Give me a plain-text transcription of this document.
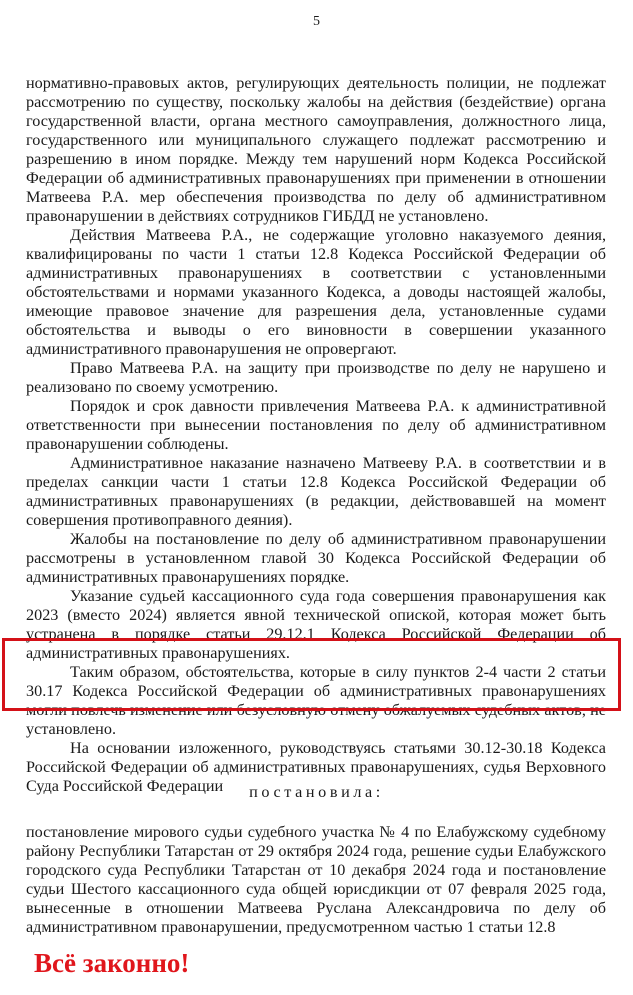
5

нормативно-правовых актов, регулирующих деятельность полиции, не подлежат рассмотрению по существу, поскольку жалобы на действия (бездействие) органа государственной власти, органа местного самоуправления, должностного лица, государственного или муниципального служащего подлежат рассмотрению и разрешению в ином порядке. Между тем нарушений норм Кодекса Российской Федерации об административных правонарушениях при применении в отношении Матвеева Р.А. мер обеспечения производства по делу об административном правонарушении в действиях сотрудников ГИБДД не установлено.

Действия Матвеева Р.А., не содержащие уголовно наказуемого деяния, квалифицированы по части 1 статьи 12.8 Кодекса Российской Федерации об административных правонарушениях в соответствии с установленными обстоятельствами и нормами указанного Кодекса, а доводы настоящей жалобы, имеющие правовое значение для разрешения дела, установленные судами обстоятельства и выводы о его виновности в совершении указанного административного правонарушения не опровергают.

Право Матвеева Р.А. на защиту при производстве по делу не нарушено и реализовано по своему усмотрению.

Порядок и срок давности привлечения Матвеева Р.А. к административной ответственности при вынесении постановления по делу об административном правонарушении соблюдены.

Административное наказание назначено Матвееву Р.А. в соответствии и в пределах санкции части 1 статьи 12.8 Кодекса Российской Федерации об административных правонарушениях (в редакции, действовавшей на момент совершения противоправного деяния).

Жалобы на постановление по делу об административном правонарушении рассмотрены в установленном главой 30 Кодекса Российской Федерации об административных правонарушениях порядке.

Указание судьей кассационного суда года совершения правонарушения как 2023 (вместо 2024) является явной технической опиской, которая может быть устранена в порядке статьи 29.12.1 Кодекса Российской Федерации об административных правонарушениях.

Таким образом, обстоятельства, которые в силу пунктов 2-4 части 2 статьи 30.17 Кодекса Российской Федерации об административных правонарушениях могли повлечь изменение или безусловную отмену обжалуемых судебных актов, не установлено.

На основании изложенного, руководствуясь статьями 30.12-30.18 Кодекса Российской Федерации об административных правонарушениях, судья Верховного Суда Российской Федерации	постановила:

постановление мирового судьи судебного участка № 4 по Елабужскому судебному району Республики Татарстан от 29 октября 2024 года, решение судьи Елабужского городского суда Республики Татарстан от 10 декабря 2024 года и постановление судьи Шестого кассационного суда общей юрисдикции от 07 февраля 2025 года, вынесенные в отношении Матвеева Руслана Александровича по делу об административном правонарушении, предусмотренном частью 1 статьи 12.8

Всё законно!
